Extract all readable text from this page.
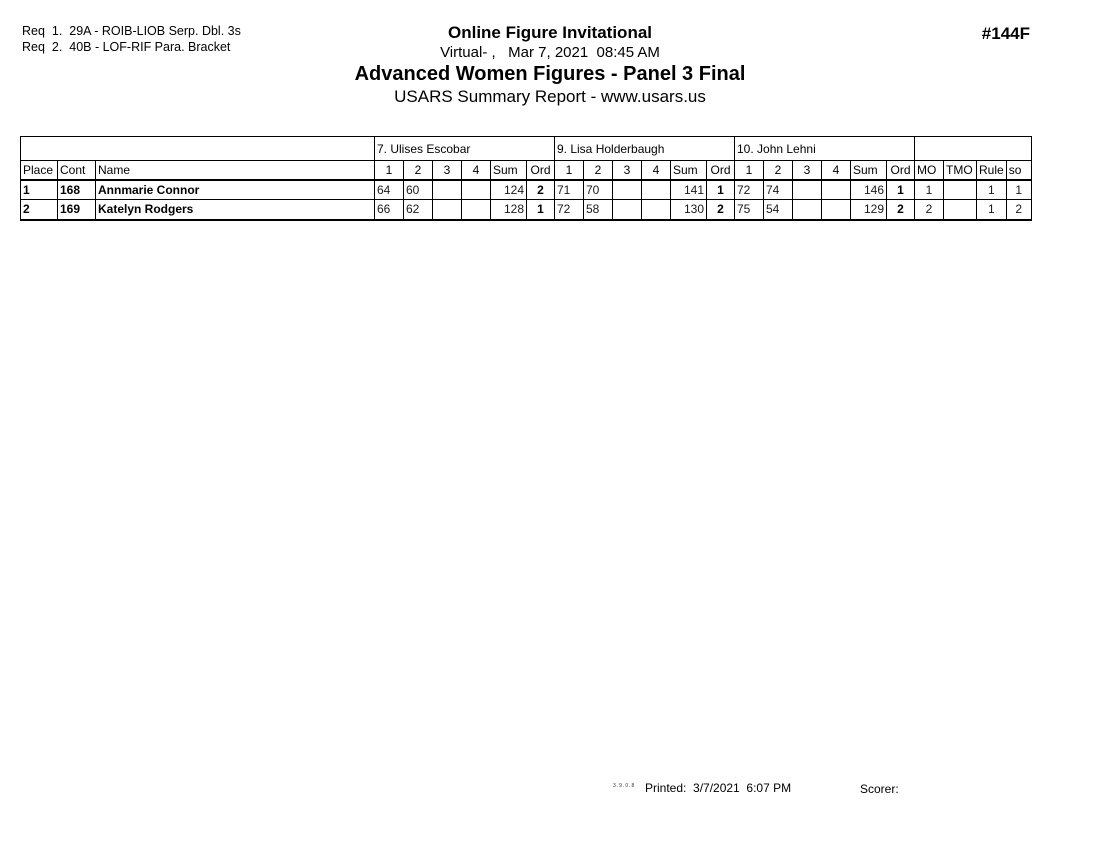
Req  1.  29A - ROIB-LIOB Serp. Dbl. 3s
Req  2.  40B - LOF-RIF Para. Bracket
Online Figure Invitational
Virtual- ,   Mar 7, 2021  08:45 AM
Advanced Women Figures - Panel 3 Final
USARS Summary Report - www.usars.us
#144F
			7. Ulises Escobar						9. Lisa Holderbaugh						10. John Lehni									
Place	Cont	Name	1	2	3	4	Sum	Ord	1	2	3	4	Sum	Ord	1	2	3	4	Sum	Ord	MO	TMO	Rule	so
1	168	Annmarie Connor	64	60			124	2	71	70			141	1	72	74			146	1	1		1	1
2	169	Katelyn Rodgers	66	62			128	1	72	58			130	2	75	54			129	2	2		1	2
3.9.0.8 Printed:  3/7/2021  6:07 PM	Scorer:
